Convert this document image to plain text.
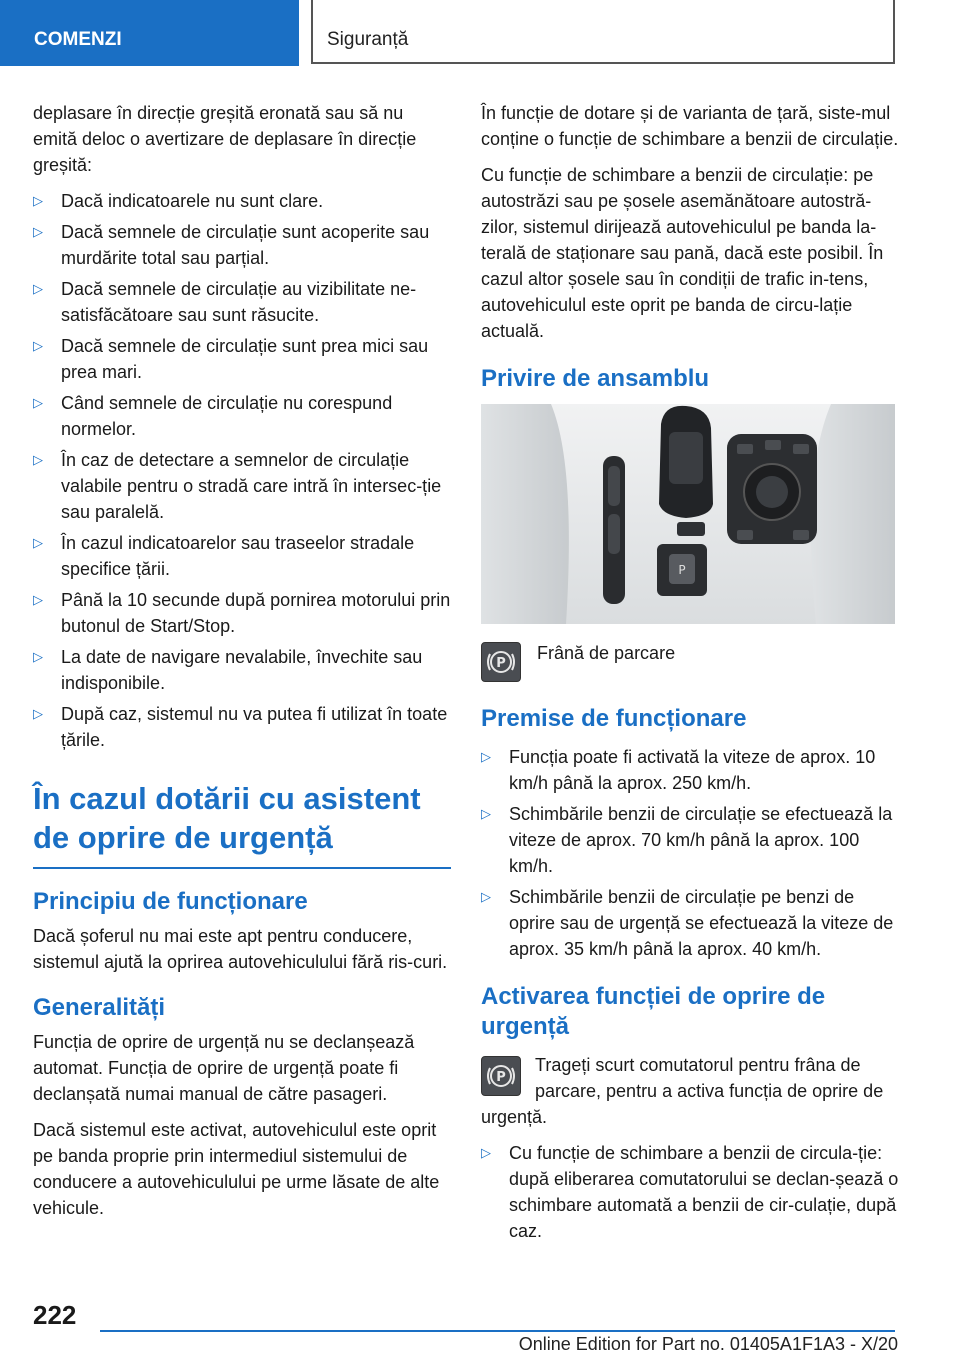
COMENZI	Siguranță

deplasare în direcție greșită eronată sau să nu emită deloc o avertizare de deplasare în direcție greșită:

▷ Dacă indicatoarele nu sunt clare.
▷ Dacă semnele de circulație sunt acoperite sau murdărite total sau parțial.
▷ Dacă semnele de circulație au vizibilitate ne-satisfăcătoare sau sunt răsucite.
▷ Dacă semnele de circulație sunt prea mici sau prea mari.
▷ Când semnele de circulație nu corespund normelor.
▷ În caz de detectare a semnelor de circulație valabile pentru o stradă care intră în intersec-ție sau paralelă.
▷ În cazul indicatoarelor sau traseelor stradale specifice țării.
▷ Până la 10 secunde după pornirea motorului prin butonul de Start/Stop.
▷ La date de navigare nevalabile, învechite sau indisponibile.
▷ După caz, sistemul nu va putea fi utilizat în toate țările.
În cazul dotării cu asistent de oprire de urgență
Principiu de funcționare

Dacă șoferul nu mai este apt pentru conducere, sistemul ajută la oprirea autovehiculului fără ris-curi.

Generalități

Funcția de oprire de urgență nu se declanșează automat. Funcția de oprire de urgență poate fi declanșată numai manual de către pasageri.

Dacă sistemul este activat, autovehiculul este oprit pe banda proprie prin intermediul sistemului de conducere a autovehiculului pe urme lăsate de alte vehicule.

În funcție de dotare și de varianta de țară, siste-mul conține o funcție de schimbare a benzii de circulație.

Cu funcție de schimbare a benzii de circulație: pe autostrăzi sau pe șosele asemănătoare autostră-zilor, sistemul dirijează autovehiculul pe banda la-terală de staționare sau pană, dacă este posibil. În cazul altor șosele sau în condiții de trafic in-tens, autovehiculul este oprit pe banda de circu-lație actuală.

Privire de ansamblu
P
P
Frână de parcare
Premise de funcționare
▷ Funcția poate fi activată la viteze de aprox. 10 km/h până la aprox. 250 km/h.
▷ Schimbările benzii de circulație se efectuează la viteze de aprox. 70 km/h până la aprox. 100 km/h.
▷ Schimbările benzii de circulație pe benzi de oprire sau de urgență se efectuează la viteze de aprox. 35 km/h până la aprox. 40 km/h.
Activarea funcției de oprire de urgență

P
Trageți scurt comutatorul pentru frâna de parcare, pentru a activa funcția de oprire de urgență.

▷ Cu funcție de schimbare a benzii de circula-ție: după eliberarea comutatorului se declan-șează o schimbare automată a benzii de cir-culație, după caz.
222
Online Edition for Part no. 01405A1F1A3 - X/20
